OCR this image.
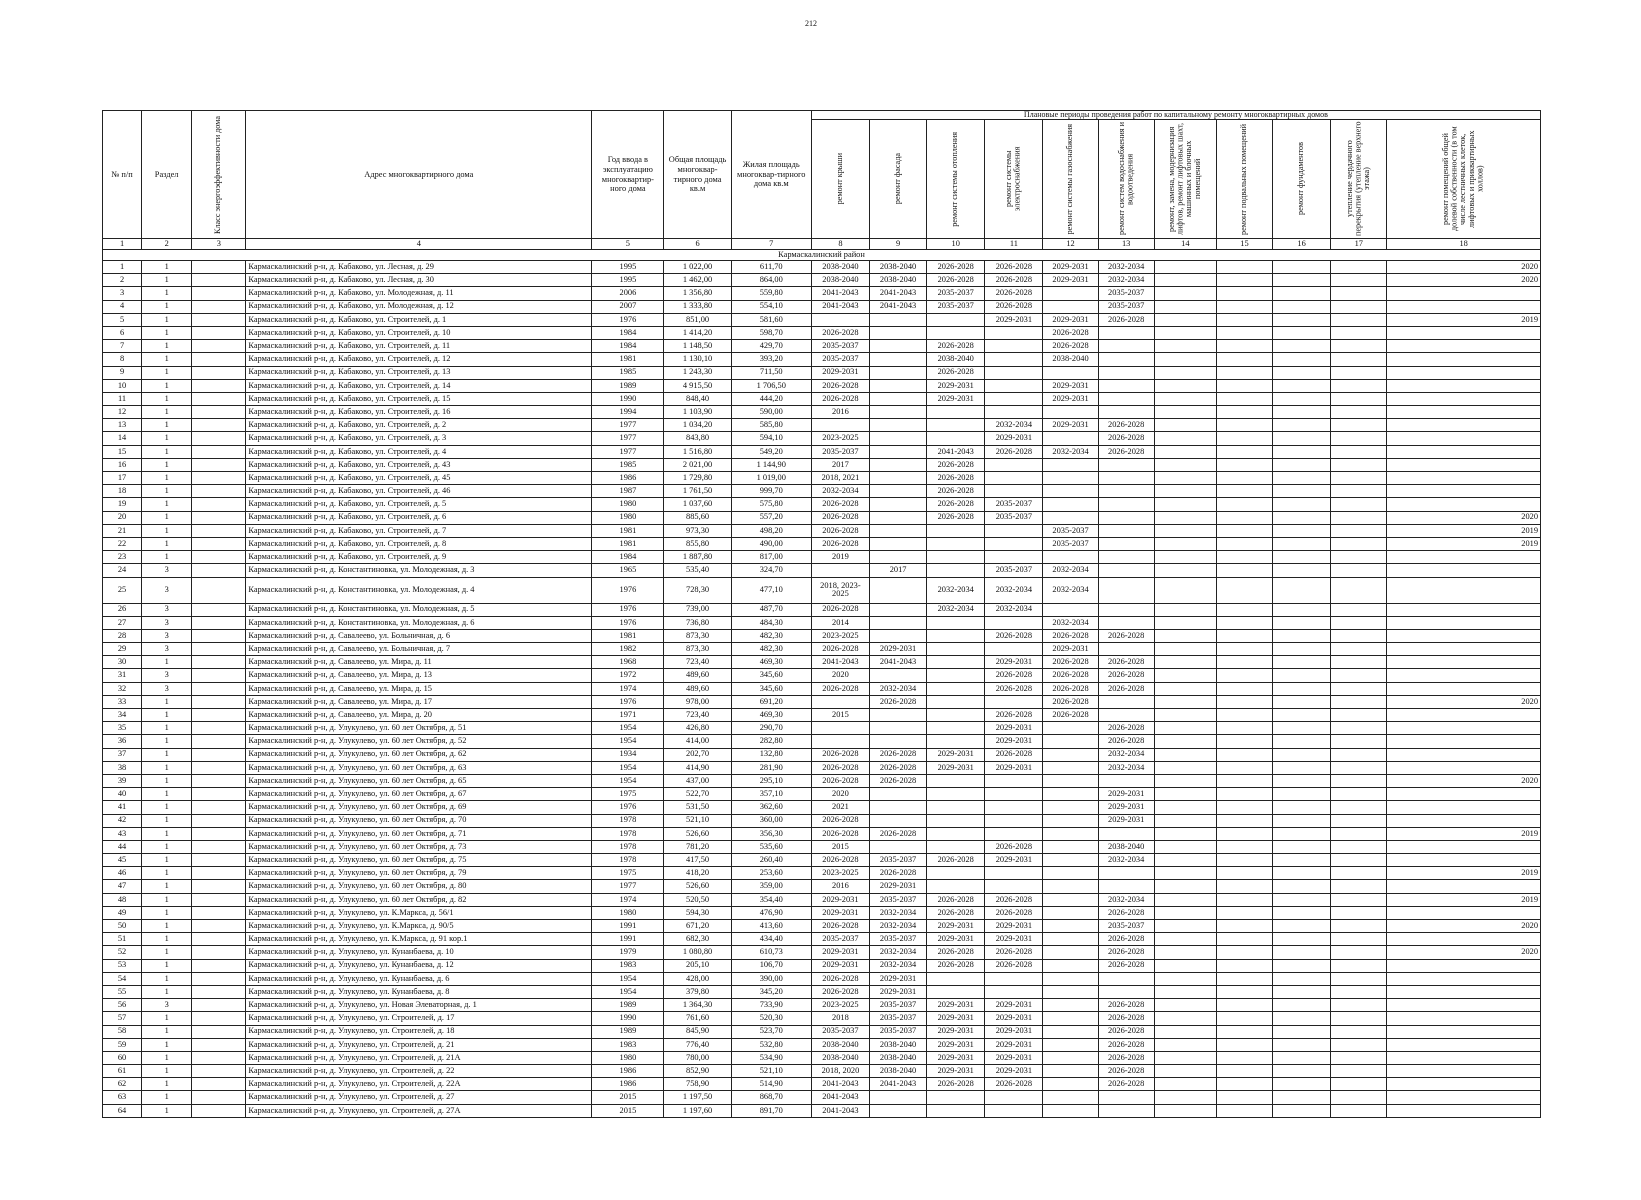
212
№ п/п	Раздел	Класс энергоэффективности дома	Адрес многоквартирного дома	Год ввода в эксплуатацию многоквартир-ного дома	Общая площадь многоквар-тирного дома кв.м	Жилая площадь многоквар-тирного дома кв.м	Плановые периоды проведения работ по капитальному ремонту многоквартирных домов										

							ремонт крыши	ремонт фасада	ремонт системы отопления	ремонт системы электроснабжения	ремонт системы газоснабжения	ремонт систем водоснабжения и водоотведения	ремонт, замена, модернизация лифтов, ремонт лифтовых шахт, машинных и блочных помещений	ремонт подвальных помещений	ремонт фундаментов	утепление чердачного перекрытия (утепление верхнего этажа)	ремонт помещений общей долевой собственности (в том числе лестничных клеток, лифтовых и приквартирных холлов)

1	2	3	4	5	6	7	8	9	10	11	12	13	14	15	16	17	18
Кармаскалинский район																	
1	1		Кармаскалинский р-н, д. Кабаково, ул. Лесная, д. 29	1995	1 022,00	611,70	2038-2040	2038-2040	2026-2028	2026-2028	2029-2031	2032-2034					2020
2	1		Кармаскалинский р-н, д. Кабаково, ул. Лесная, д. 30	1995	1 462,00	864,00	2038-2040	2038-2040	2026-2028	2026-2028	2029-2031	2032-2034					2020
3	1		Кармаскалинский р-н, д. Кабаково, ул. Молодежная, д. 11	2006	1 356,80	559,80	2041-2043	2041-2043	2035-2037	2026-2028		2035-2037					
4	1		Кармаскалинский р-н, д. Кабаково, ул. Молодежная, д. 12	2007	1 333,80	554,10	2041-2043	2041-2043	2035-2037	2026-2028		2035-2037					
5	1		Кармаскалинский р-н, д. Кабаково, ул. Строителей, д. 1	1976	851,00	581,60				2029-2031	2029-2031	2026-2028					2019
6	1		Кармаскалинский р-н, д. Кабаково, ул. Строителей, д. 10	1984	1 414,20	598,70	2026-2028				2026-2028						
7	1		Кармаскалинский р-н, д. Кабаково, ул. Строителей, д. 11	1984	1 148,50	429,70	2035-2037		2026-2028		2026-2028						
8	1		Кармаскалинский р-н, д. Кабаково, ул. Строителей, д. 12	1981	1 130,10	393,20	2035-2037		2038-2040		2038-2040						
9	1		Кармаскалинский р-н, д. Кабаково, ул. Строителей, д. 13	1985	1 243,30	711,50	2029-2031		2026-2028								
10	1		Кармаскалинский р-н, д. Кабаково, ул. Строителей, д. 14	1989	4 915,50	1 706,50	2026-2028		2029-2031		2029-2031						
11	1		Кармаскалинский р-н, д. Кабаково, ул. Строителей, д. 15	1990	848,40	444,20	2026-2028		2029-2031		2029-2031						
12	1		Кармаскалинский р-н, д. Кабаково, ул. Строителей, д. 16	1994	1 103,90	590,00	2016										
13	1		Кармаскалинский р-н, д. Кабаково, ул. Строителей, д. 2	1977	1 034,20	585,80				2032-2034	2029-2031	2026-2028					
14	1		Кармаскалинский р-н, д. Кабаково, ул. Строителей, д. 3	1977	843,80	594,10	2023-2025			2029-2031		2026-2028					
15	1		Кармаскалинский р-н, д. Кабаково, ул. Строителей, д. 4	1977	1 516,80	549,20	2035-2037		2041-2043	2026-2028	2032-2034	2026-2028					
16	1		Кармаскалинский р-н, д. Кабаково, ул. Строителей, д. 43	1985	2 021,00	1 144,90	2017		2026-2028								
17	1		Кармаскалинский р-н, д. Кабаково, ул. Строителей, д. 45	1986	1 729,80	1 019,00	2018, 2021		2026-2028								
18	1		Кармаскалинский р-н, д. Кабаково, ул. Строителей, д. 46	1987	1 761,50	999,70	2032-2034		2026-2028								
19	1		Кармаскалинский р-н, д. Кабаково, ул. Строителей, д. 5	1980	1 037,60	575,80	2026-2028		2026-2028	2035-2037							
20	1		Кармаскалинский р-н, д. Кабаково, ул. Строителей, д. 6	1980	885,60	557,20	2026-2028		2026-2028	2035-2037							2020
21	1		Кармаскалинский р-н, д. Кабаково, ул. Строителей, д. 7	1981	973,30	498,20	2026-2028				2035-2037						2019
22	1		Кармаскалинский р-н, д. Кабаково, ул. Строителей, д. 8	1981	855,80	490,00	2026-2028				2035-2037						2019
23	1		Кармаскалинский р-н, д. Кабаково, ул. Строителей, д. 9	1984	1 887,80	817,00	2019										
24	3		Кармаскалинский р-н, д. Константиновка, ул. Молодежная, д. 3	1965	535,40	324,70		2017		2035-2037	2032-2034						
25	3		Кармаскалинский р-н, д. Константиновка, ул. Молодежная, д. 4	1976	728,30	477,10	2018, 2023-2025		2032-2034	2032-2034	2032-2034						
26	3		Кармаскалинский р-н, д. Константиновка, ул. Молодежная, д. 5	1976	739,00	487,70	2026-2028		2032-2034	2032-2034							
27	3		Кармаскалинский р-н, д. Константиновка, ул. Молодежная, д. 6	1976	736,80	484,30	2014				2032-2034						
28	3		Кармаскалинский р-н, д. Савалеево, ул. Больничная, д. 6	1981	873,30	482,30	2023-2025			2026-2028	2026-2028	2026-2028					
29	3		Кармаскалинский р-н, д. Савалеево, ул. Больничная, д. 7	1982	873,30	482,30	2026-2028	2029-2031			2029-2031						
30	1		Кармаскалинский р-н, д. Савалеево, ул. Мира, д. 11	1968	723,40	469,30	2041-2043	2041-2043		2029-2031	2026-2028	2026-2028					
31	3		Кармаскалинский р-н, д. Савалеево, ул. Мира, д. 13	1972	489,60	345,60	2020			2026-2028	2026-2028	2026-2028					
32	3		Кармаскалинский р-н, д. Савалеево, ул. Мира, д. 15	1974	489,60	345,60	2026-2028	2032-2034		2026-2028	2026-2028	2026-2028					
33	1		Кармаскалинский р-н, д. Савалеево, ул. Мира, д. 17	1976	978,00	691,20		2026-2028			2026-2028						2020
34	1		Кармаскалинский р-н, д. Савалеево, ул. Мира, д. 20	1971	723,40	469,30	2015			2026-2028	2026-2028						
35	1		Кармаскалинский р-н, д. Улукулево, ул. 60 лет Октября, д. 51	1954	426,80	290,70				2029-2031		2026-2028					
36	1		Кармаскалинский р-н, д. Улукулево, ул. 60 лет Октября, д. 52	1954	414,00	282,80				2029-2031		2026-2028					
37	1		Кармаскалинский р-н, д. Улукулево, ул. 60 лет Октября, д. 62	1934	202,70	132,80	2026-2028	2026-2028	2029-2031	2026-2028		2032-2034					
38	1		Кармаскалинский р-н, д. Улукулево, ул. 60 лет Октября, д. 63	1954	414,90	281,90	2026-2028	2026-2028	2029-2031	2029-2031		2032-2034					
39	1		Кармаскалинский р-н, д. Улукулево, ул. 60 лет Октября, д. 65	1954	437,00	295,10	2026-2028	2026-2028									2020
40	1		Кармаскалинский р-н, д. Улукулево, ул. 60 лет Октября, д. 67	1975	522,70	357,10	2020					2029-2031					
41	1		Кармаскалинский р-н, д. Улукулево, ул. 60 лет Октября, д. 69	1976	531,50	362,60	2021					2029-2031					
42	1		Кармаскалинский р-н, д. Улукулево, ул. 60 лет Октября, д. 70	1978	521,10	360,00	2026-2028					2029-2031					
43	1		Кармаскалинский р-н, д. Улукулево, ул. 60 лет Октября, д. 71	1978	526,60	356,30	2026-2028	2026-2028									2019
44	1		Кармаскалинский р-н, д. Улукулево, ул. 60 лет Октября, д. 73	1978	781,20	535,60	2015			2026-2028		2038-2040					
45	1		Кармаскалинский р-н, д. Улукулево, ул. 60 лет Октября, д. 75	1978	417,50	260,40	2026-2028	2035-2037	2026-2028	2029-2031		2032-2034					
46	1		Кармаскалинский р-н, д. Улукулево, ул. 60 лет Октября, д. 79	1975	418,20	253,60	2023-2025	2026-2028									2019
47	1		Кармаскалинский р-н, д. Улукулево, ул. 60 лет Октября, д. 80	1977	526,60	359,00	2016	2029-2031									
48	1		Кармаскалинский р-н, д. Улукулево, ул. 60 лет Октября, д. 82	1974	520,50	354,40	2029-2031	2035-2037	2026-2028	2026-2028		2032-2034					2019
49	1		Кармаскалинский р-н, д. Улукулево, ул. К.Маркса, д. 56/1	1980	594,30	476,90	2029-2031	2032-2034	2026-2028	2026-2028		2026-2028					
50	1		Кармаскалинский р-н, д. Улукулево, ул. К.Маркса, д. 90/5	1991	671,20	413,60	2026-2028	2032-2034	2029-2031	2029-2031		2035-2037					2020
51	1		Кармаскалинский р-н, д. Улукулево, ул. К.Маркса, д. 91 кор.1	1991	682,30	434,40	2035-2037	2035-2037	2029-2031	2029-2031		2026-2028					
52	1		Кармаскалинский р-н, д. Улукулево, ул. Кунанбаева, д. 10	1979	1 080,80	610,73	2029-2031	2032-2034	2026-2028	2026-2028		2026-2028					2020
53	1		Кармаскалинский р-н, д. Улукулево, ул. Кунанбаева, д. 12	1983	205,10	106,70	2029-2031	2032-2034	2026-2028	2026-2028		2026-2028					
54	1		Кармаскалинский р-н, д. Улукулево, ул. Кунанбаева, д. 6	1954	428,00	390,00	2026-2028	2029-2031									
55	1		Кармаскалинский р-н, д. Улукулево, ул. Кунанбаева, д. 8	1954	379,80	345,20	2026-2028	2029-2031									
56	3		Кармаскалинский р-н, д. Улукулево, ул. Новая Элеваторная, д. 1	1989	1 364,30	733,90	2023-2025	2035-2037	2029-2031	2029-2031		2026-2028					
57	1		Кармаскалинский р-н, д. Улукулево, ул. Строителей, д. 17	1990	761,60	520,30	2018	2035-2037	2029-2031	2029-2031		2026-2028					
58	1		Кармаскалинский р-н, д. Улукулево, ул. Строителей, д. 18	1989	845,90	523,70	2035-2037	2035-2037	2029-2031	2029-2031		2026-2028					
59	1		Кармаскалинский р-н, д. Улукулево, ул. Строителей, д. 21	1983	776,40	532,80	2038-2040	2038-2040	2029-2031	2029-2031		2026-2028					
60	1		Кармаскалинский р-н, д. Улукулево, ул. Строителей, д. 21А	1980	780,00	534,90	2038-2040	2038-2040	2029-2031	2029-2031		2026-2028					
61	1		Кармаскалинский р-н, д. Улукулево, ул. Строителей, д. 22	1986	852,90	521,10	2018, 2020	2038-2040	2029-2031	2029-2031		2026-2028					
62	1		Кармаскалинский р-н, д. Улукулево, ул. Строителей, д. 22А	1986	758,90	514,90	2041-2043	2041-2043	2026-2028	2026-2028		2026-2028					
63	1		Кармаскалинский р-н, д. Улукулево, ул. Строителей, д. 27	2015	1 197,50	868,70	2041-2043										
64	1		Кармаскалинский р-н, д. Улукулево, ул. Строителей, д. 27А	2015	1 197,60	891,70	2041-2043										
